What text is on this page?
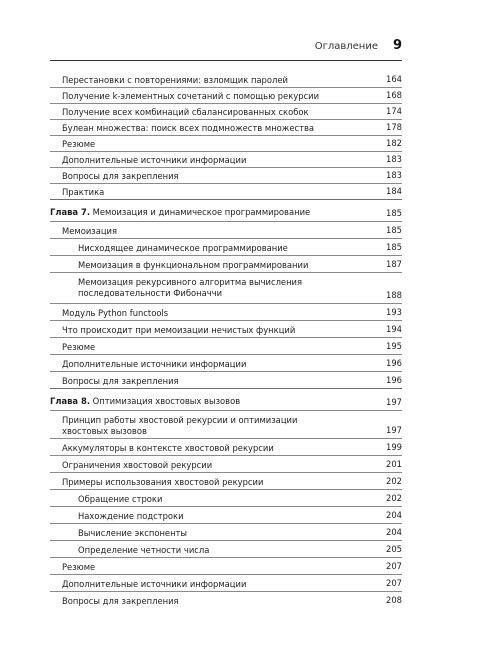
Оглавление 9
Перестановки с повторениями: взломщик паролей	164
Получение k-элементных сочетаний с помощью рекурсии	168
Получение всех комбинаций сбалансированных скобок	174
Булеан множества: поиск всех подмножеств множества	178
Резюме	182
Дополнительные источники информации	183
Вопросы для закрепления	183
Практика	184
Глава 7. Мемоизация и динамическое программирование	185
Мемоизация	185
Нисходящее динамическое программирование	185
Мемоизация в функциональном программировании	187
Мемоизация рекурсивного алгоритма вычисления
последовательности Фибоначчи	188
Модуль Python functools	193
Что происходит при мемоизации нечистых функций	194
Резюме	195
Дополнительные источники информации	196
Вопросы для закрепления	196
Глава 8. Оптимизация хвостовых вызовов	197
Принцип работы хвостовой рекурсии и оптимизации
хвостовых вызовов	197
Аккумуляторы в контексте хвостовой рекурсии	199
Ограничения хвостовой рекурсии	201
Примеры использования хвостовой рекурсии	202
Обращение строки	202
Нахождение подстроки	204
Вычисление экспоненты	204
Определение четности числа	205
Резюме	207
Дополнительные источники информации	207
Вопросы для закрепления	208
